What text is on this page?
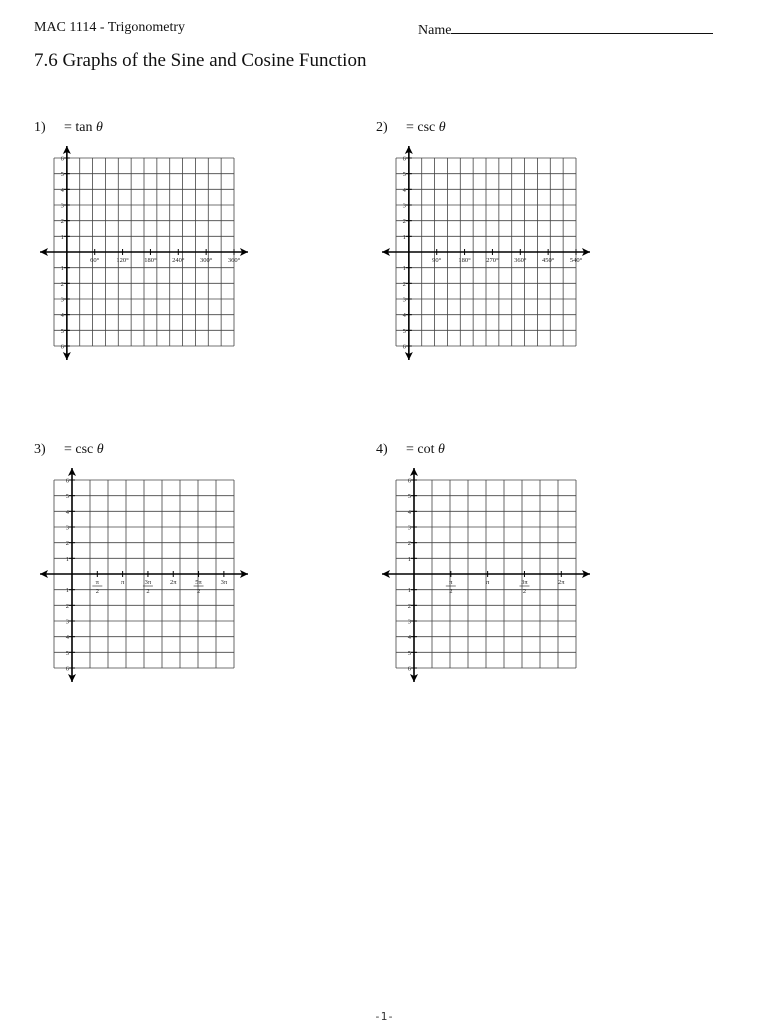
MAC 1114 - Trigonometry	Name
7.6 Graphs of the Sine and Cosine Function
1) = tan θ	2) = csc θ
3) = csc θ	4) = cot θ
6
5
4
3
2
1
1
2
3
4
5
6
60°	120° 180° 240° 300° 360°
6
5
4
3
2
1
1
2
3
4
5
6
90°	180° 270° 360° 450° 540°
6
5
4
3
2
1
1
2
3
4
5
6
π
2
π	3π
2
2π	5π
2
3π
6
5
4
3
2
1
1
2
3
4
5
6
π
2
π	3π
2
2π
-1-
